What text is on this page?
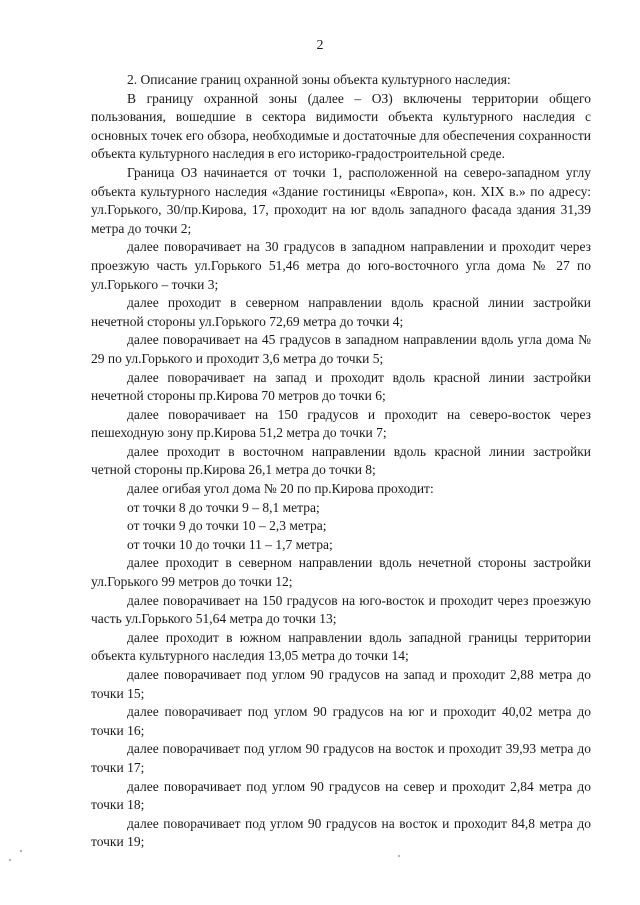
2

2. Описание границ охранной зоны объекта культурного наследия:

В границу охранной зоны (далее – ОЗ) включены территории общего пользования, вошедшие в сектора видимости объекта культурного наследия с основных точек его обзора, необходимые и достаточные для обеспечения сохранности объекта культурного наследия в его историко-градостроительной среде.

Граница ОЗ начинается от точки 1, расположенной на северо-западном углу объекта культурного наследия «Здание гостиницы «Европа», кон. XIX в.» по адресу: ул.Горького, 30/пр.Кирова, 17, проходит на юг вдоль западного фасада здания 31,39 метра до точки 2;

далее поворачивает на 30 градусов в западном направлении и проходит через проезжую часть ул.Горького 51,46 метра до юго-восточного угла дома № 27 по ул.Горького – точки 3;

далее проходит в северном направлении вдоль красной линии застройки нечетной стороны ул.Горького 72,69 метра до точки 4;

далее поворачивает на 45 градусов в западном направлении вдоль угла дома № 29 по ул.Горького и проходит 3,6 метра до точки 5;

далее поворачивает на запад и проходит вдоль красной линии застройки нечетной стороны пр.Кирова 70 метров до точки 6;

далее поворачивает на 150 градусов и проходит на северо-восток через пешеходную зону пр.Кирова 51,2 метра до точки 7;

далее проходит в восточном направлении вдоль красной линии застройки четной стороны пр.Кирова 26,1 метра до точки 8;

далее огибая угол дома № 20 по пр.Кирова проходит:

от точки 8 до точки 9 – 8,1 метра;

от точки 9 до точки 10 – 2,3 метра;

от точки 10 до точки 11 – 1,7 метра;

далее проходит в северном направлении вдоль нечетной стороны застройки ул.Горького 99 метров до точки 12;

далее поворачивает на 150 градусов на юго-восток и проходит через проезжую часть ул.Горького 51,64 метра до точки 13;

далее проходит в южном направлении вдоль западной границы территории объекта культурного наследия 13,05 метра до точки 14;

далее поворачивает под углом 90 градусов на запад и проходит 2,88 метра до точки 15;

далее поворачивает под углом 90 градусов на юг и проходит 40,02 метра до точки 16;

далее поворачивает под углом 90 градусов на восток и проходит 39,93 метра до точки 17;

далее поворачивает под углом 90 градусов на север и проходит 2,84 метра до точки 18;

далее поворачивает под углом 90 градусов на восток и проходит 84,8 метра до точки 19;
